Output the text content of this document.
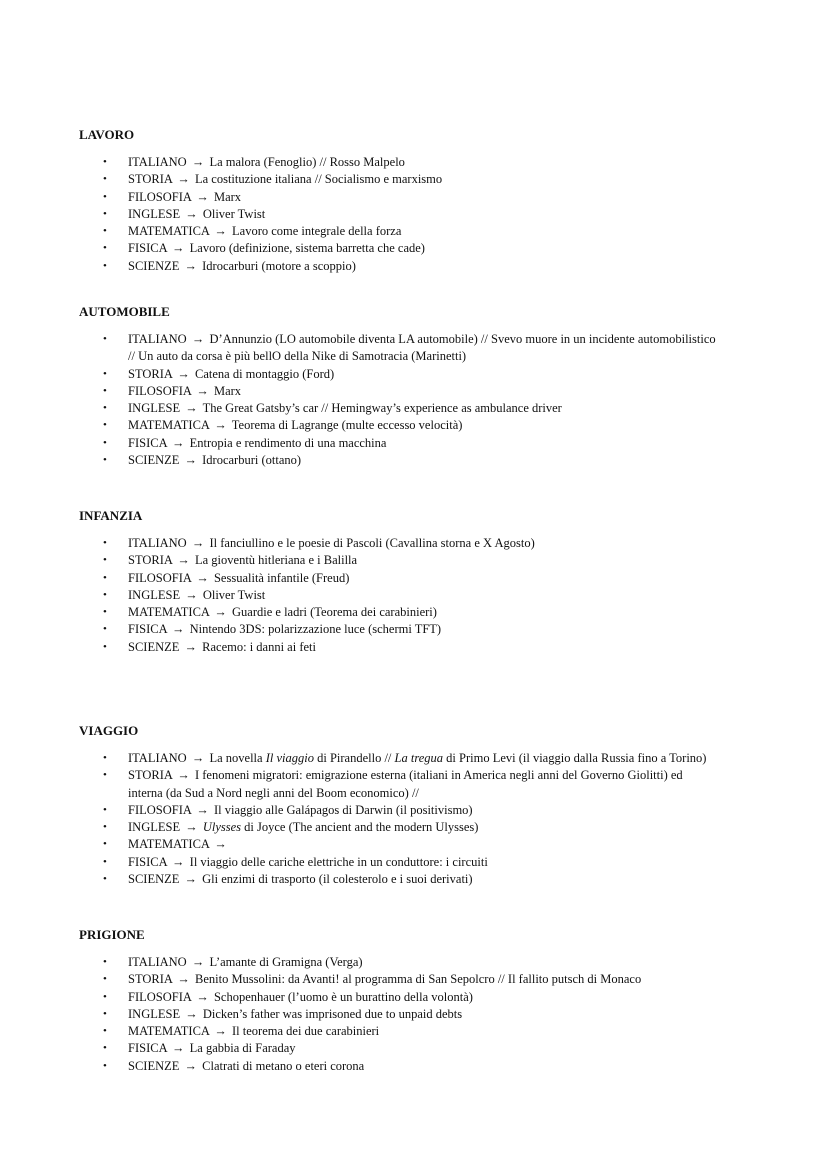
LAVORO
• ITALIANO → La malora (Fenoglio) // Rosso Malpelo
• STORIA → La costituzione italiana // Socialismo e marxismo
• FILOSOFIA → Marx
• INGLESE → Oliver Twist
• MATEMATICA → Lavoro come integrale della forza
• FISICA → Lavoro (definizione, sistema barretta che cade)
• SCIENZE → Idrocarburi (motore a scoppio)
AUTOMOBILE
• ITALIANO → D’Annunzio (LO automobile diventa LA automobile) // Svevo muore in un incidente automobilistico
// Un auto da corsa è più bellO della Nike di Samotracia (Marinetti)
• STORIA → Catena di montaggio (Ford)
• FILOSOFIA → Marx
• INGLESE → The Great Gatsby’s car // Hemingway’s experience as ambulance driver
• MATEMATICA → Teorema di Lagrange (multe eccesso velocità)
• FISICA → Entropia e rendimento di una macchina
• SCIENZE → Idrocarburi (ottano)
INFANZIA
• ITALIANO → Il fanciullino e le poesie di Pascoli (Cavallina storna e X Agosto)
• STORIA → La gioventù hitleriana e i Balilla
• FILOSOFIA → Sessualità infantile (Freud)
• INGLESE → Oliver Twist
• MATEMATICA → Guardie e ladri (Teorema dei carabinieri)
• FISICA → Nintendo 3DS: polarizzazione luce (schermi TFT)
• SCIENZE → Racemo: i danni ai feti
VIAGGIO
• ITALIANO → La novella Il viaggio di Pirandello // La tregua di Primo Levi (il viaggio dalla Russia fino a Torino)
• STORIA → I fenomeni migratori: emigrazione esterna (italiani in America negli anni del Governo Giolitti) ed
interna (da Sud a Nord negli anni del Boom economico) //
• FILOSOFIA → Il viaggio alle Galápagos di Darwin (il positivismo)
• INGLESE → Ulysses di Joyce (The ancient and the modern Ulysses)
• MATEMATICA →
• FISICA → Il viaggio delle cariche elettriche in un conduttore: i circuiti
• SCIENZE → Gli enzimi di trasporto (il colesterolo e i suoi derivati)
PRIGIONE
• ITALIANO → L’amante di Gramigna (Verga)
• STORIA → Benito Mussolini: da Avanti! al programma di San Sepolcro // Il fallito putsch di Monaco
• FILOSOFIA → Schopenhauer (l’uomo è un burattino della volontà)
• INGLESE → Dicken’s father was imprisoned due to unpaid debts
• MATEMATICA → Il teorema dei due carabinieri
• FISICA → La gabbia di Faraday
• SCIENZE → Clatrati di metano o eteri corona
